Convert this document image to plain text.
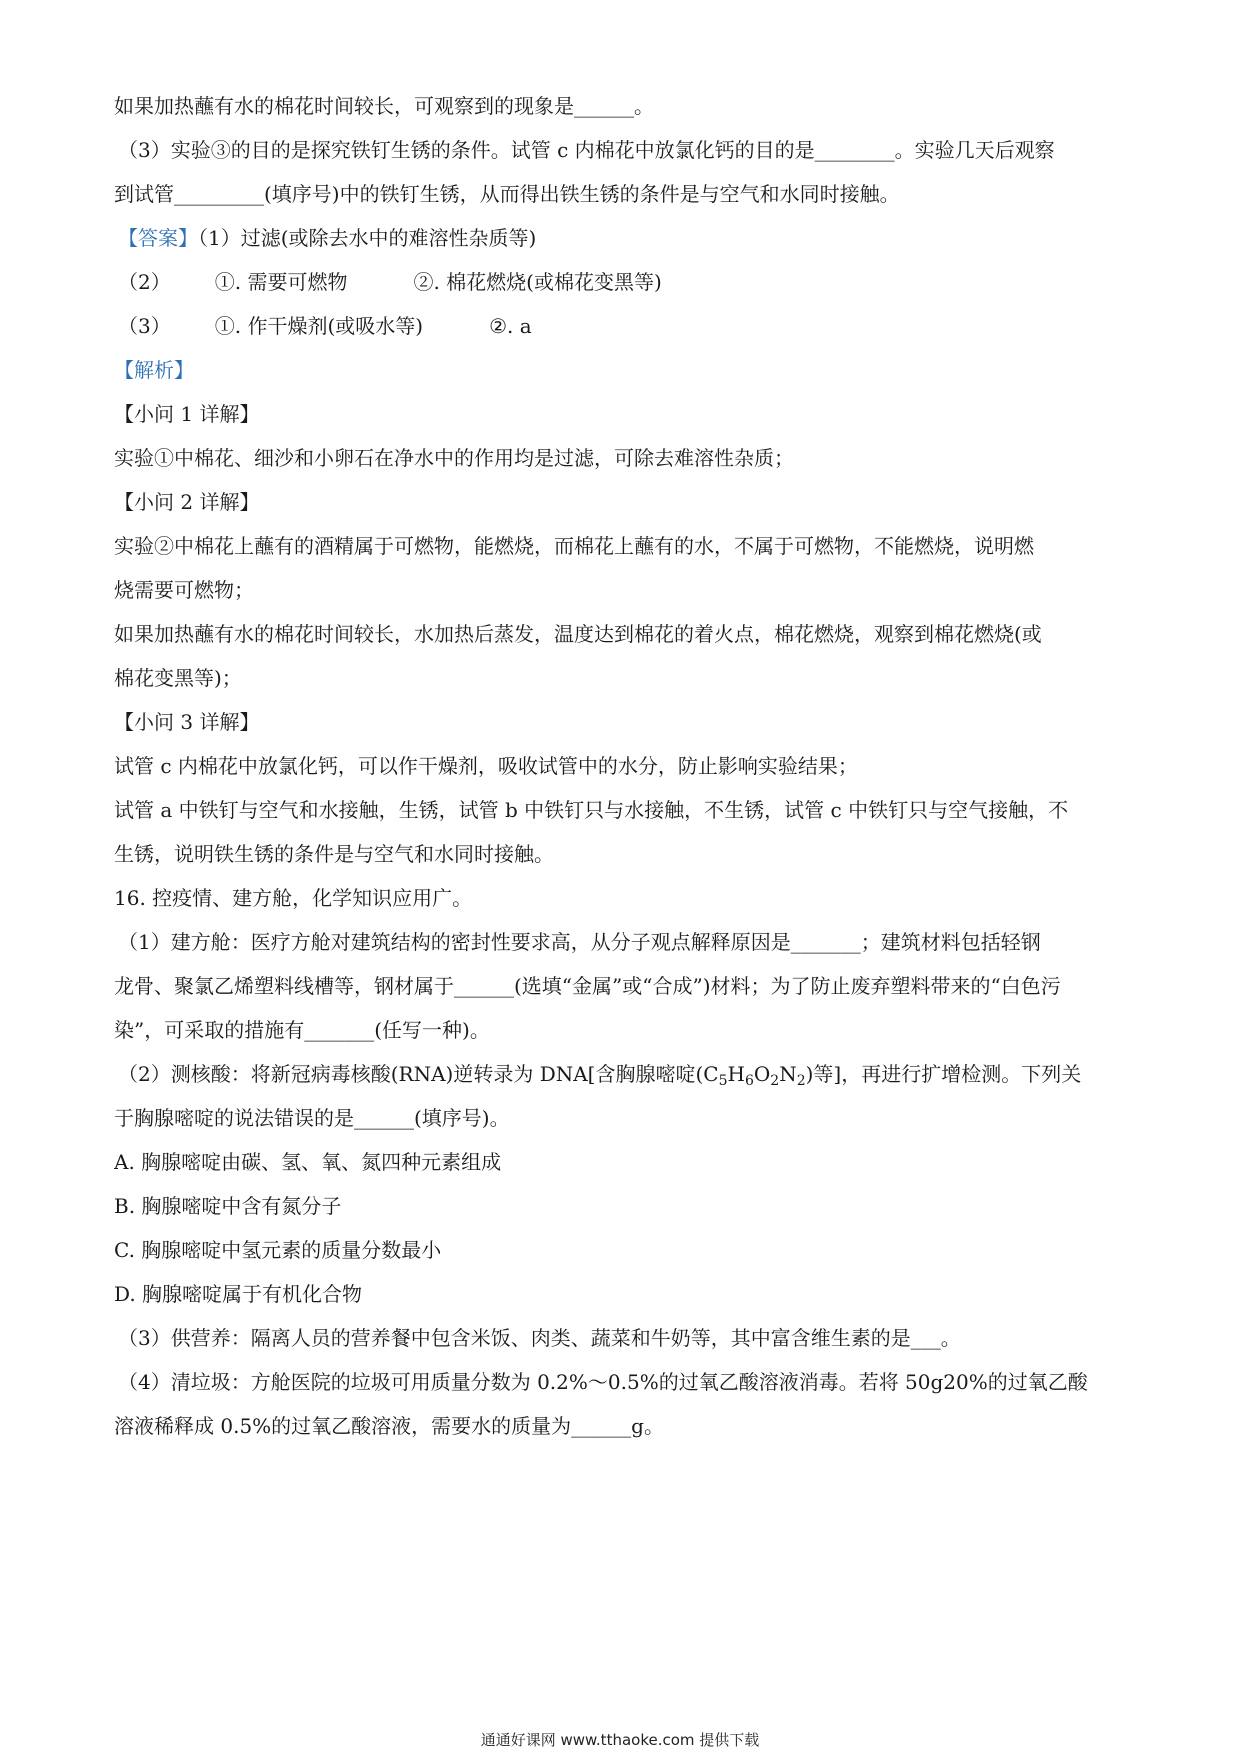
如果加热蘸有水的棉花时间较长，可观察到的现象是______。
（3）实验③的目的是探究铁钉生锈的条件。试管 c 内棉花中放氯化钙的目的是________。实验几天后观察
到试管_________(填序号)中的铁钉生锈，从而得出铁生锈的条件是与空气和水同时接触。
【答案】（1）过滤(或除去水中的难溶性杂质等)
（2） ①. 需要可燃物	②. 棉花燃烧(或棉花变黑等)
（3） ①. 作干燥剂(或吸水等)	②. a
【解析】
【小问 1 详解】
实验①中棉花、细沙和小卵石在净水中的作用均是过滤，可除去难溶性杂质；
【小问 2 详解】
实验②中棉花上蘸有的酒精属于可燃物，能燃烧，而棉花上蘸有的水，不属于可燃物，不能燃烧，说明燃
烧需要可燃物；
如果加热蘸有水的棉花时间较长，水加热后蒸发，温度达到棉花的着火点，棉花燃烧，观察到棉花燃烧(或
棉花变黑等)；
【小问 3 详解】
试管 c 内棉花中放氯化钙，可以作干燥剂，吸收试管中的水分，防止影响实验结果；
试管 a 中铁钉与空气和水接触，生锈，试管 b 中铁钉只与水接触，不生锈，试管 c 中铁钉只与空气接触，不
生锈，说明铁生锈的条件是与空气和水同时接触。
16. 控疫情、建方舱，化学知识应用广。
（1）建方舱：医疗方舱对建筑结构的密封性要求高，从分子观点解释原因是_______；建筑材料包括轻钢
龙骨、聚氯乙烯塑料线槽等，钢材属于______(选填“金属”或“合成”)材料；为了防止废弃塑料带来的“白色污
染”，可采取的措施有_______(任写一种)。
（2）测核酸：将新冠病毒核酸(RNA)逆转录为 DNA[含胸腺嘧啶$(C_5H_6O_2N_2)$等]，再进行扩增检测。下列关
于胸腺嘧啶的说法错误的是______(填序号)。
A. 胸腺嘧啶由碳、氢、氧、氮四种元素组成
B. 胸腺嘧啶中含有氮分子
C. 胸腺嘧啶中氢元素的质量分数最小
D. 胸腺嘧啶属于有机化合物
（3）供营养：隔离人员的营养餐中包含米饭、肉类、蔬菜和牛奶等，其中富含维生素的是___。
（4）清垃圾：方舱医院的垃圾可用质量分数为 0.2%～0.5%的过氧乙酸溶液消毒。若将 50g20%的过氧乙酸
溶液稀释成 0.5%的过氧乙酸溶液，需要水的质量为______g。
通通好课网 www.tthaoke.com 提供下载
